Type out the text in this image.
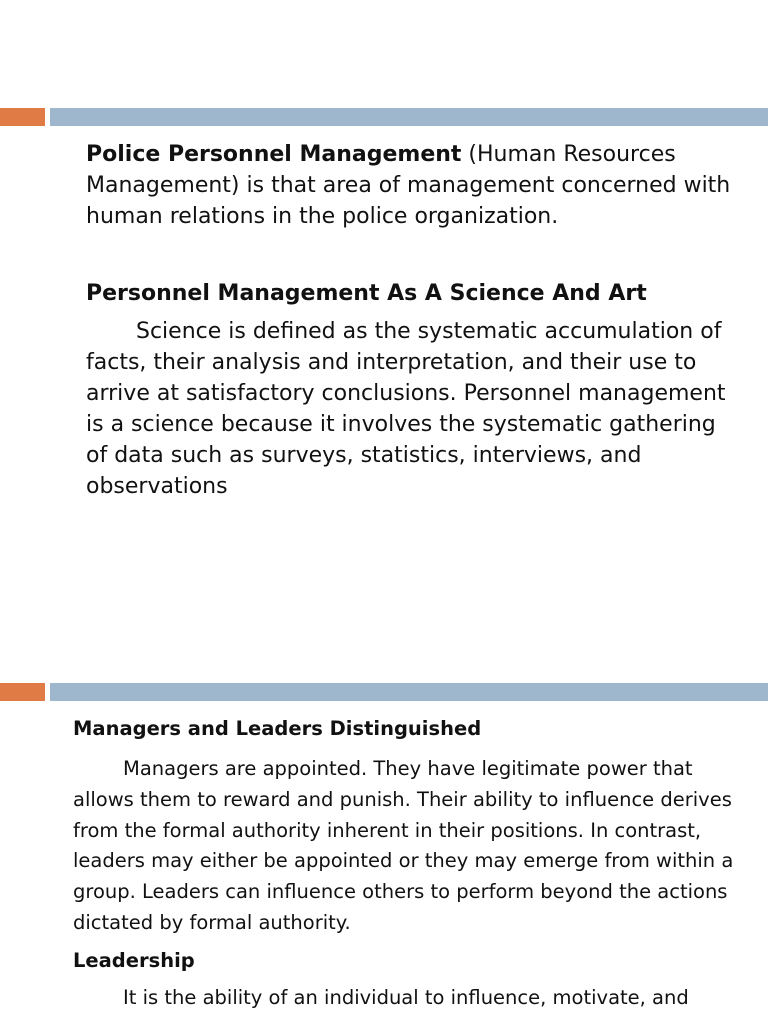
Police Personnel Management (Human Resources Management) is that area of management concerned with human relations in the police organization.
Personnel Management As A Science And Art
Science is defined as the systematic accumulation of facts, their analysis and interpretation, and their use to arrive at satisfactory conclusions. Personnel management is a science because it involves the systematic gathering of data such as surveys, statistics, interviews, and observations
Managers and Leaders Distinguished
Managers are appointed. They have legitimate power that allows them to reward and punish. Their ability to influence derives from the formal authority inherent in their positions. In contrast, leaders may either be appointed or they may emerge from within a group. Leaders can influence others to perform beyond the actions dictated by formal authority.
Leadership
It is the ability of an individual to influence, motivate, and
